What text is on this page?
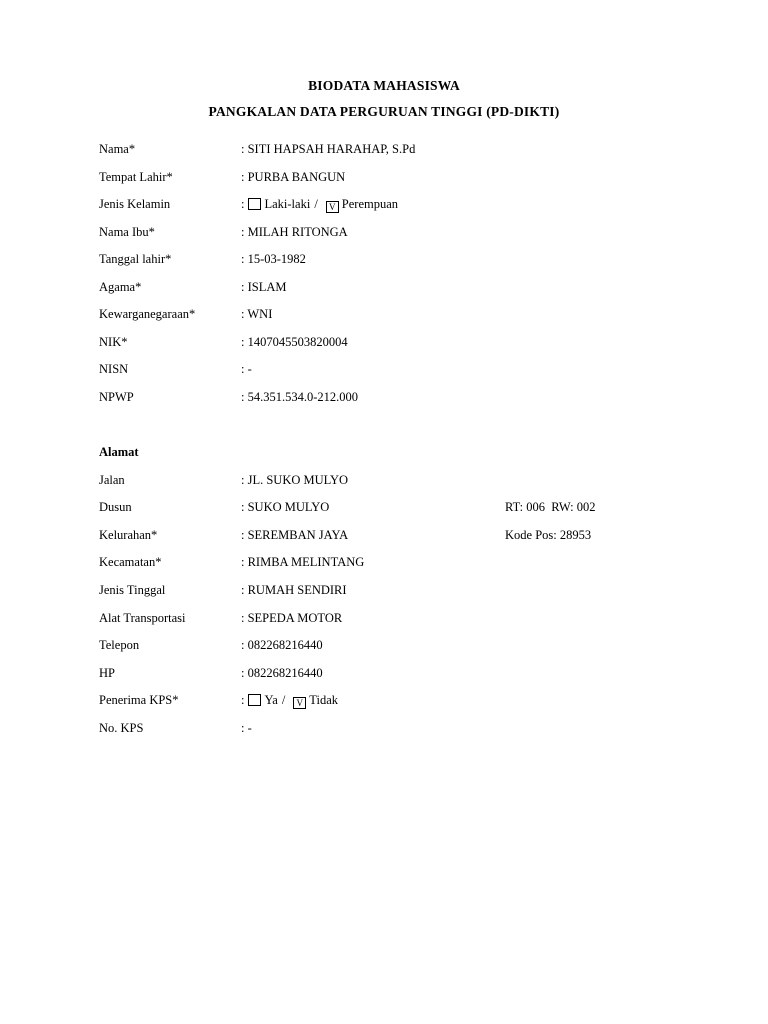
BIODATA MAHASISWA
PANGKALAN DATA PERGURUAN TINGGI (PD-DIKTI)
Nama*	: SITI HAPSAH HARAHAP, S.Pd
Tempat Lahir*	: PURBA BANGUN
Jenis Kelamin	: Laki-laki / V Perempuan
Nama Ibu*	: MILAH RITONGA
Tanggal lahir*	: 15-03-1982
Agama*	: ISLAM
Kewarganegaraan*	: WNI
NIK*	: 1407045503820004
NISN	: -
NPWP	: 54.351.534.0-212.000
Alamat
Jalan	: JL. SUKO MULYO
Dusun	: SUKO MULYO	RT: 006  RW: 002
Kelurahan*	: SEREMBAN JAYA	Kode Pos: 28953
Kecamatan*	: RIMBA MELINTANG
Jenis Tinggal	: RUMAH SENDIRI
Alat Transportasi	: SEPEDA MOTOR
Telepon	: 082268216440
HP	: 082268216440
Penerima KPS*	: Ya / V Tidak
No. KPS	: -
